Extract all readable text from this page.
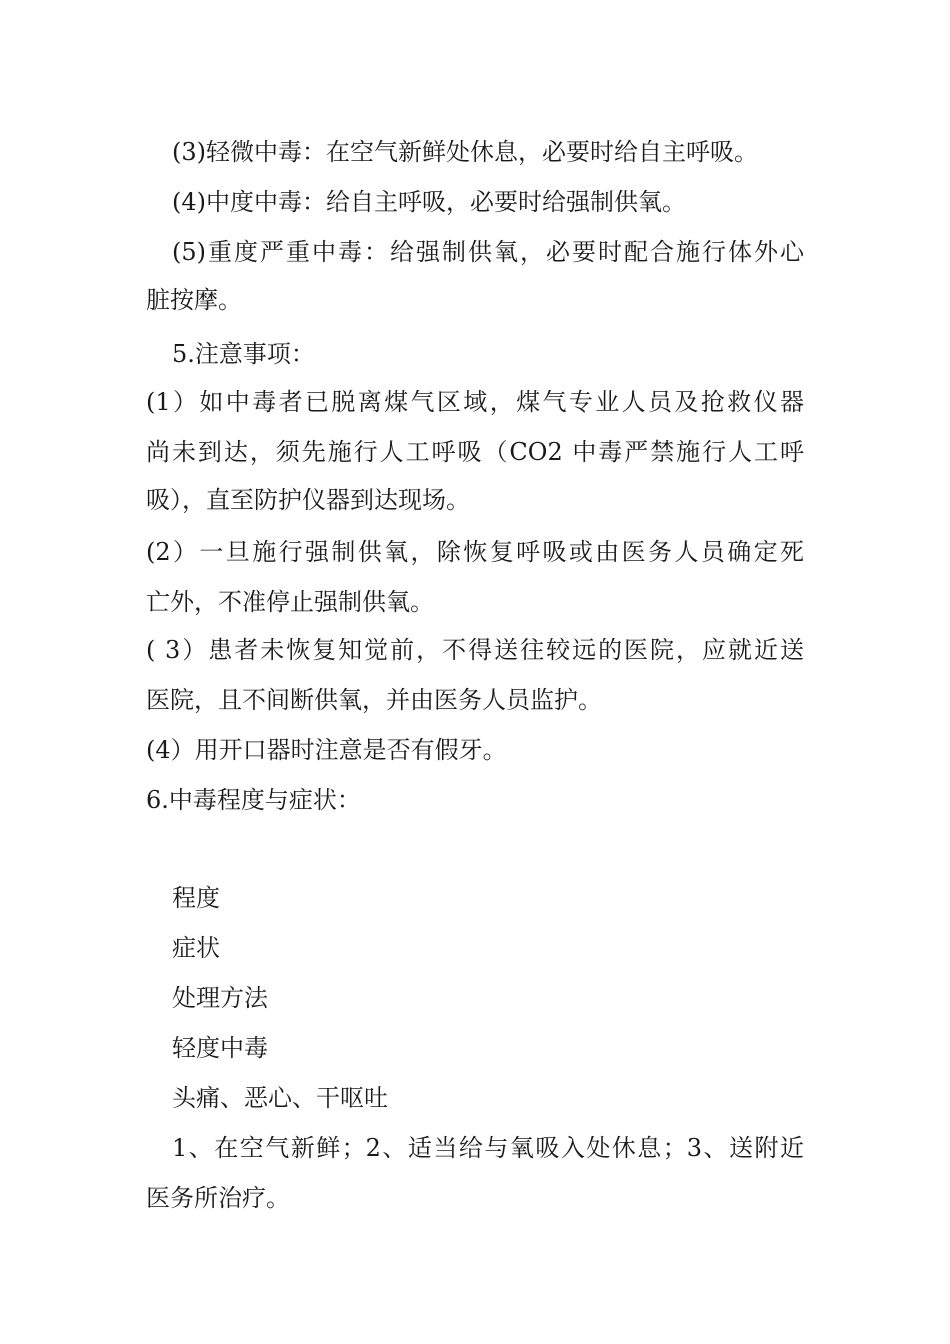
(3)轻微中毒：在空气新鲜处休息，必要时给自主呼吸。
(4)中度中毒：给自主呼吸，必要时给强制供氧。
(5)重度严重中毒：给强制供氧，必要时配合施行体外心
脏按摩。
5.注意事项：
(1）如中毒者已脱离煤气区域，煤气专业人员及抢救仪器
尚未到达，须先施行人工呼吸（CO2 中毒严禁施行人工呼
吸），直至防护仪器到达现场。
(2）一旦施行强制供氧，除恢复呼吸或由医务人员确定死
亡外，不准停止强制供氧。
( 3）患者未恢复知觉前，不得送往较远的医院，应就近送
医院，且不间断供氧，并由医务人员监护。
(4）用开口器时注意是否有假牙。
6.中毒程度与症状：
程度
症状
处理方法
轻度中毒
头痛、恶心、干呕吐
1、在空气新鲜；2、适当给与氧吸入处休息；3、送附近
医务所治疗。
